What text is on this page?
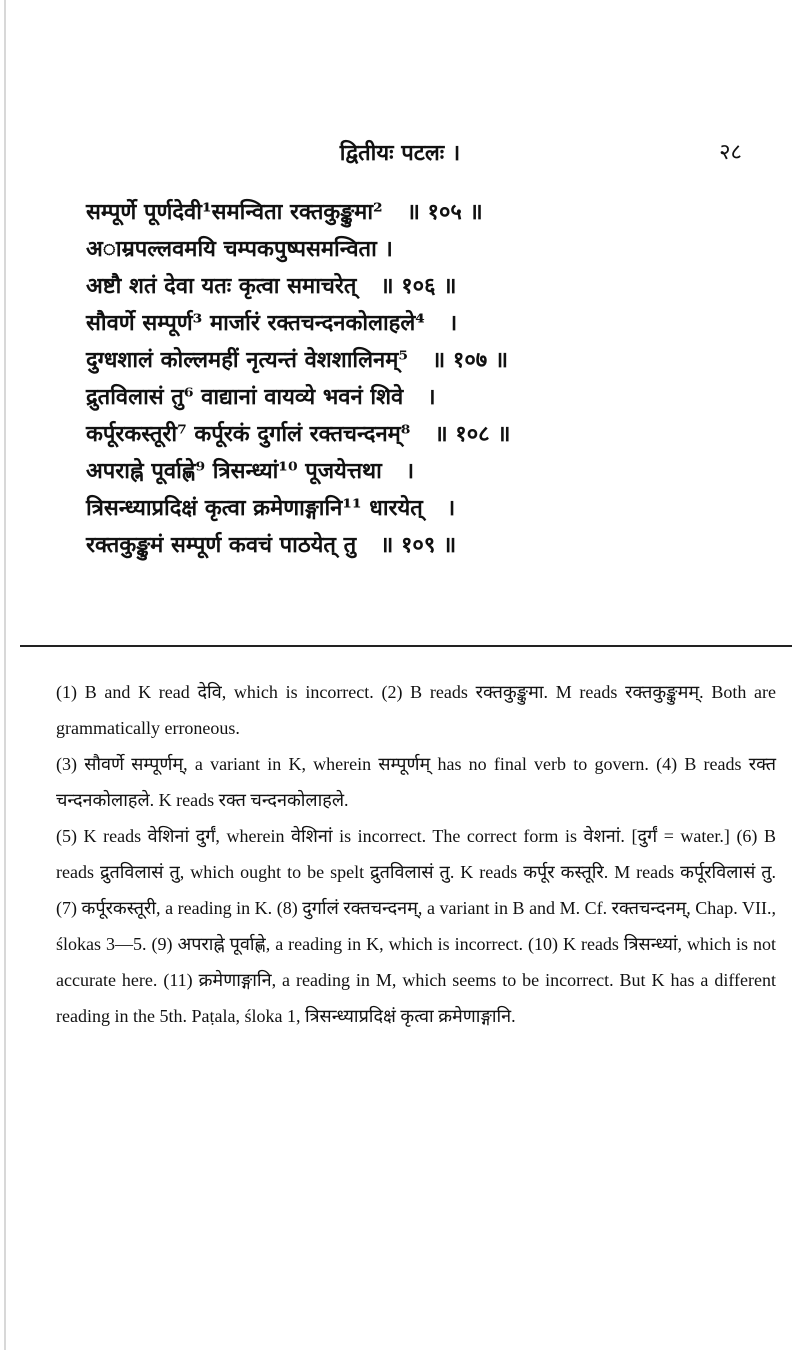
द्वितीयः पटलः ।	२८
सम्पूर्णे पूर्णदेवी¹समन्विता रक्तकुङ्कुमा² ॥ १०५ ॥
अाम्रपल्लवमयि चम्पकपुष्पसमन्विता ।
अष्टौ शतं देवा यतः कृत्वा समाचरेत् ॥ १०६ ॥
सौवर्णे सम्पूर्ण³ मार्जारं रक्तचन्दनकोलाहले⁴ ।
दुग्धशालं कोल्लमहीं नृत्यन्तं वेशशालिनम्⁵ ॥ १०७ ॥
द्रुतविलासं तु⁶ वाद्यानां वायव्ये भवनं शिवे ।
कर्पूरकस्तूरी⁷ कर्पूरकं दुर्गालं रक्तचन्दनम्⁸ ॥ १०८ ॥
अपराह्ने पूर्वाह्णे⁹ त्रिसन्ध्यां¹⁰ पूजयेत्तथा ।
त्रिसन्ध्याप्रदिक्षं कृत्वा क्रमेणाङ्गानि¹¹ धारयेत् ।
रक्तकुङ्कुमं सम्पूर्ण कवचं पाठयेत् तु ॥ १०९ ॥

(1) B and K read देवि, which is incorrect. (2) B reads रक्तकुङ्कुमा. M reads रक्तकुङ्कुमम्. Both are grammatically erroneous.

(3) सौवर्णे सम्पूर्णम्, a variant in K, wherein सम्पूर्णम् has no final verb to govern. (4) B reads रक्त चन्दनकोलाहले. K reads रक्त चन्दनकोलाहले.

(5) K reads वेशिनां दुर्गं, wherein वेशिनां is incorrect. The correct form is वेशनां. [दुर्गं = water.] (6) B reads द्रुतविलासं तु, which ought to be spelt द्रुतविलासं तु. K reads कर्पूर कस्तूरि. M reads कर्पूरविलासं तु. (7) कर्पूरकस्तूरी, a reading in K. (8) दुर्गालं रक्तचन्दनम्, a variant in B and M. Cf. रक्तचन्दनम्, Chap. VII., ślokas 3—5. (9) अपराह्ने पूर्वाह्णे, a reading in K, which is incorrect. (10) K reads त्रिसन्ध्यां, which is not accurate here. (11) क्रमेणाङ्गानि, a reading in M, which seems to be incorrect. But K has a different reading in the 5th. Paṭala, śloka 1, त्रिसन्ध्याप्रदिक्षं कृत्वा क्रमेणाङ्गानि.
